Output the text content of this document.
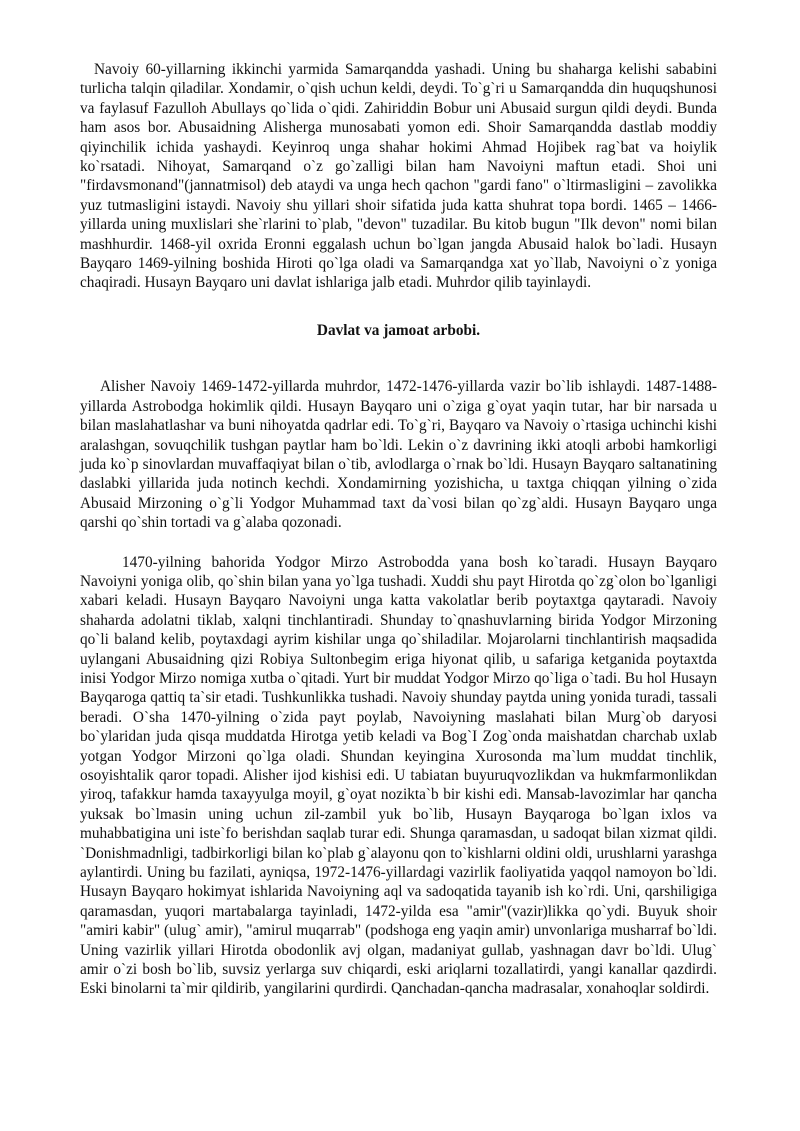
Navoiy 60-yillarning ikkinchi yarmida Samarqandda yashadi. Uning bu shaharga kelishi sababini turlicha talqin qiladilar. Xondamir, o`qish uchun keldi, deydi. To`g`ri u Samarqandda din huquqshunosi va faylasuf Fazulloh Abullays qo`lida o`qidi. Zahiriddin Bobur uni Abusaid surgun qildi deydi. Bunda ham asos bor. Abusaidning Alisherga munosabati yomon edi. Shoir Samarqandda dastlab moddiy qiyinchilik ichida yashaydi. Keyinroq unga shahar hokimi Ahmad Hojibek rag`bat va hoiylik ko`rsatadi. Nihoyat, Samarqand o`z go`zalligi bilan ham Navoiyni maftun etadi. Shoi uni "firdavsmonand"(jannatmisol) deb ataydi va unga hech qachon "gardi fano" o`ltirmasligini – zavolikka yuz tutmasligini istaydi. Navoiy shu yillari shoir sifatida juda katta shuhrat topa bordi. 1465 – 1466-yillarda uning muxlislari she`rlarini to`plab, "devon" tuzadilar. Bu kitob bugun "Ilk devon" nomi bilan mashhurdir. 1468-yil oxrida Eronni eggalash uchun bo`lgan jangda Abusaid halok bo`ladi. Husayn Bayqaro 1469-yilning boshida Hiroti qo`lga oladi va Samarqandga xat yo`llab, Navoiyni o`z yoniga chaqiradi. Husayn Bayqaro uni davlat ishlariga jalb etadi. Muhrdor qilib tayinlaydi.

Davlat va jamoat arbobi.

Alisher Navoiy 1469-1472-yillarda muhrdor, 1472-1476-yillarda vazir bo`lib ishlaydi. 1487-1488-yillarda Astrobodga hokimlik qildi. Husayn Bayqaro uni o`ziga g`oyat yaqin tutar, har bir narsada u bilan maslahatlashar va buni nihoyatda qadrlar edi. To`g`ri, Bayqaro va Navoiy o`rtasiga uchinchi kishi aralashgan, sovuqchilik tushgan paytlar ham bo`ldi. Lekin o`z davrining ikki atoqli arbobi hamkorligi juda ko`p sinovlardan muvaffaqiyat bilan o`tib, avlodlarga o`rnak bo`ldi. Husayn Bayqaro saltanatining daslabki yillarida juda notinch kechdi. Xondamirning yozishicha, u taxtga chiqqan yilning o`zida Abusaid Mirzoning o`g`li Yodgor Muhammad taxt da`vosi bilan qo`zg`aldi. Husayn Bayqaro unga qarshi qo`shin tortadi va g`alaba qozonadi.

1470-yilning bahorida Yodgor Mirzo Astrobodda yana bosh ko`taradi. Husayn Bayqaro Navoiyni yoniga olib, qo`shin bilan yana yo`lga tushadi. Xuddi shu payt Hirotda qo`zg`olon bo`lganligi xabari keladi. Husayn Bayqaro Navoiyni unga katta vakolatlar berib poytaxtga qaytaradi. Navoiy shaharda adolatni tiklab, xalqni tinchlantiradi. Shunday to`qnashuvlarning birida Yodgor Mirzoning qo`li baland kelib, poytaxdagi ayrim kishilar unga qo`shiladilar. Mojarolarni tinchlantirish maqsadida uylangani Abusaidning qizi Robiya Sultonbegim eriga hiyonat qilib, u safariga ketganida poytaxtda inisi Yodgor Mirzo nomiga xutba o`qitadi. Yurt bir muddat Yodgor Mirzo qo`liga o`tadi. Bu hol Husayn Bayqaroga qattiq ta`sir etadi. Tushkunlikka tushadi. Navoiy shunday paytda uning yonida turadi, tassali beradi. O`sha 1470-yilning o`zida payt poylab, Navoiyning maslahati bilan Murg`ob daryosi bo`ylaridan juda qisqa muddatda Hirotga yetib keladi va Bog`I Zog`onda maishatdan charchab uxlab yotgan Yodgor Mirzoni qo`lga oladi. Shundan keyingina Xurosonda ma`lum muddat tinchlik, osoyishtalik qaror topadi. Alisher ijod kishisi edi. U tabiatan buyuruqvozlikdan va hukmfarmonlikdan yiroq, tafakkur hamda taxayyulga moyil, g`oyat nozikta`b bir kishi edi. Mansab-lavozimlar har qancha yuksak bo`lmasin uning uchun zil-zambil yuk bo`lib, Husayn Bayqaroga bo`lgan ixlos va muhabbatigina uni iste`fo berishdan saqlab turar edi. Shunga qaramasdan, u sadoqat bilan xizmat qildi. `Donishmadnligi, tadbirkorligi bilan ko`plab g`alayonu qon to`kishlarni oldini oldi, urushlarni yarashga aylantirdi. Uning bu fazilati, ayniqsa, 1972-1476-yillardagi vazirlik faoliyatida yaqqol namoyon bo`ldi. Husayn Bayqaro hokimyat ishlarida Navoiyning aql va sadoqatida tayanib ish ko`rdi. Uni, qarshiligiga qaramasdan, yuqori martabalarga tayinladi, 1472-yilda esa "amir"(vazir)likka qo`ydi. Buyuk shoir "amiri kabir" (ulug` amir), "amirul muqarrab" (podshoga eng yaqin amir) unvonlariga musharraf bo`ldi. Uning vazirlik yillari Hirotda obodonlik avj olgan, madaniyat gullab, yashnagan davr bo`ldi. Ulug` amir o`zi bosh bo`lib, suvsiz yerlarga suv chiqardi, eski ariqlarni tozallatirdi, yangi kanallar qazdirdi. Eski binolarni ta`mir qildirib, yangilarini qurdirdi. Qanchadan-qancha madrasalar, xonahoqlar soldirdi.
